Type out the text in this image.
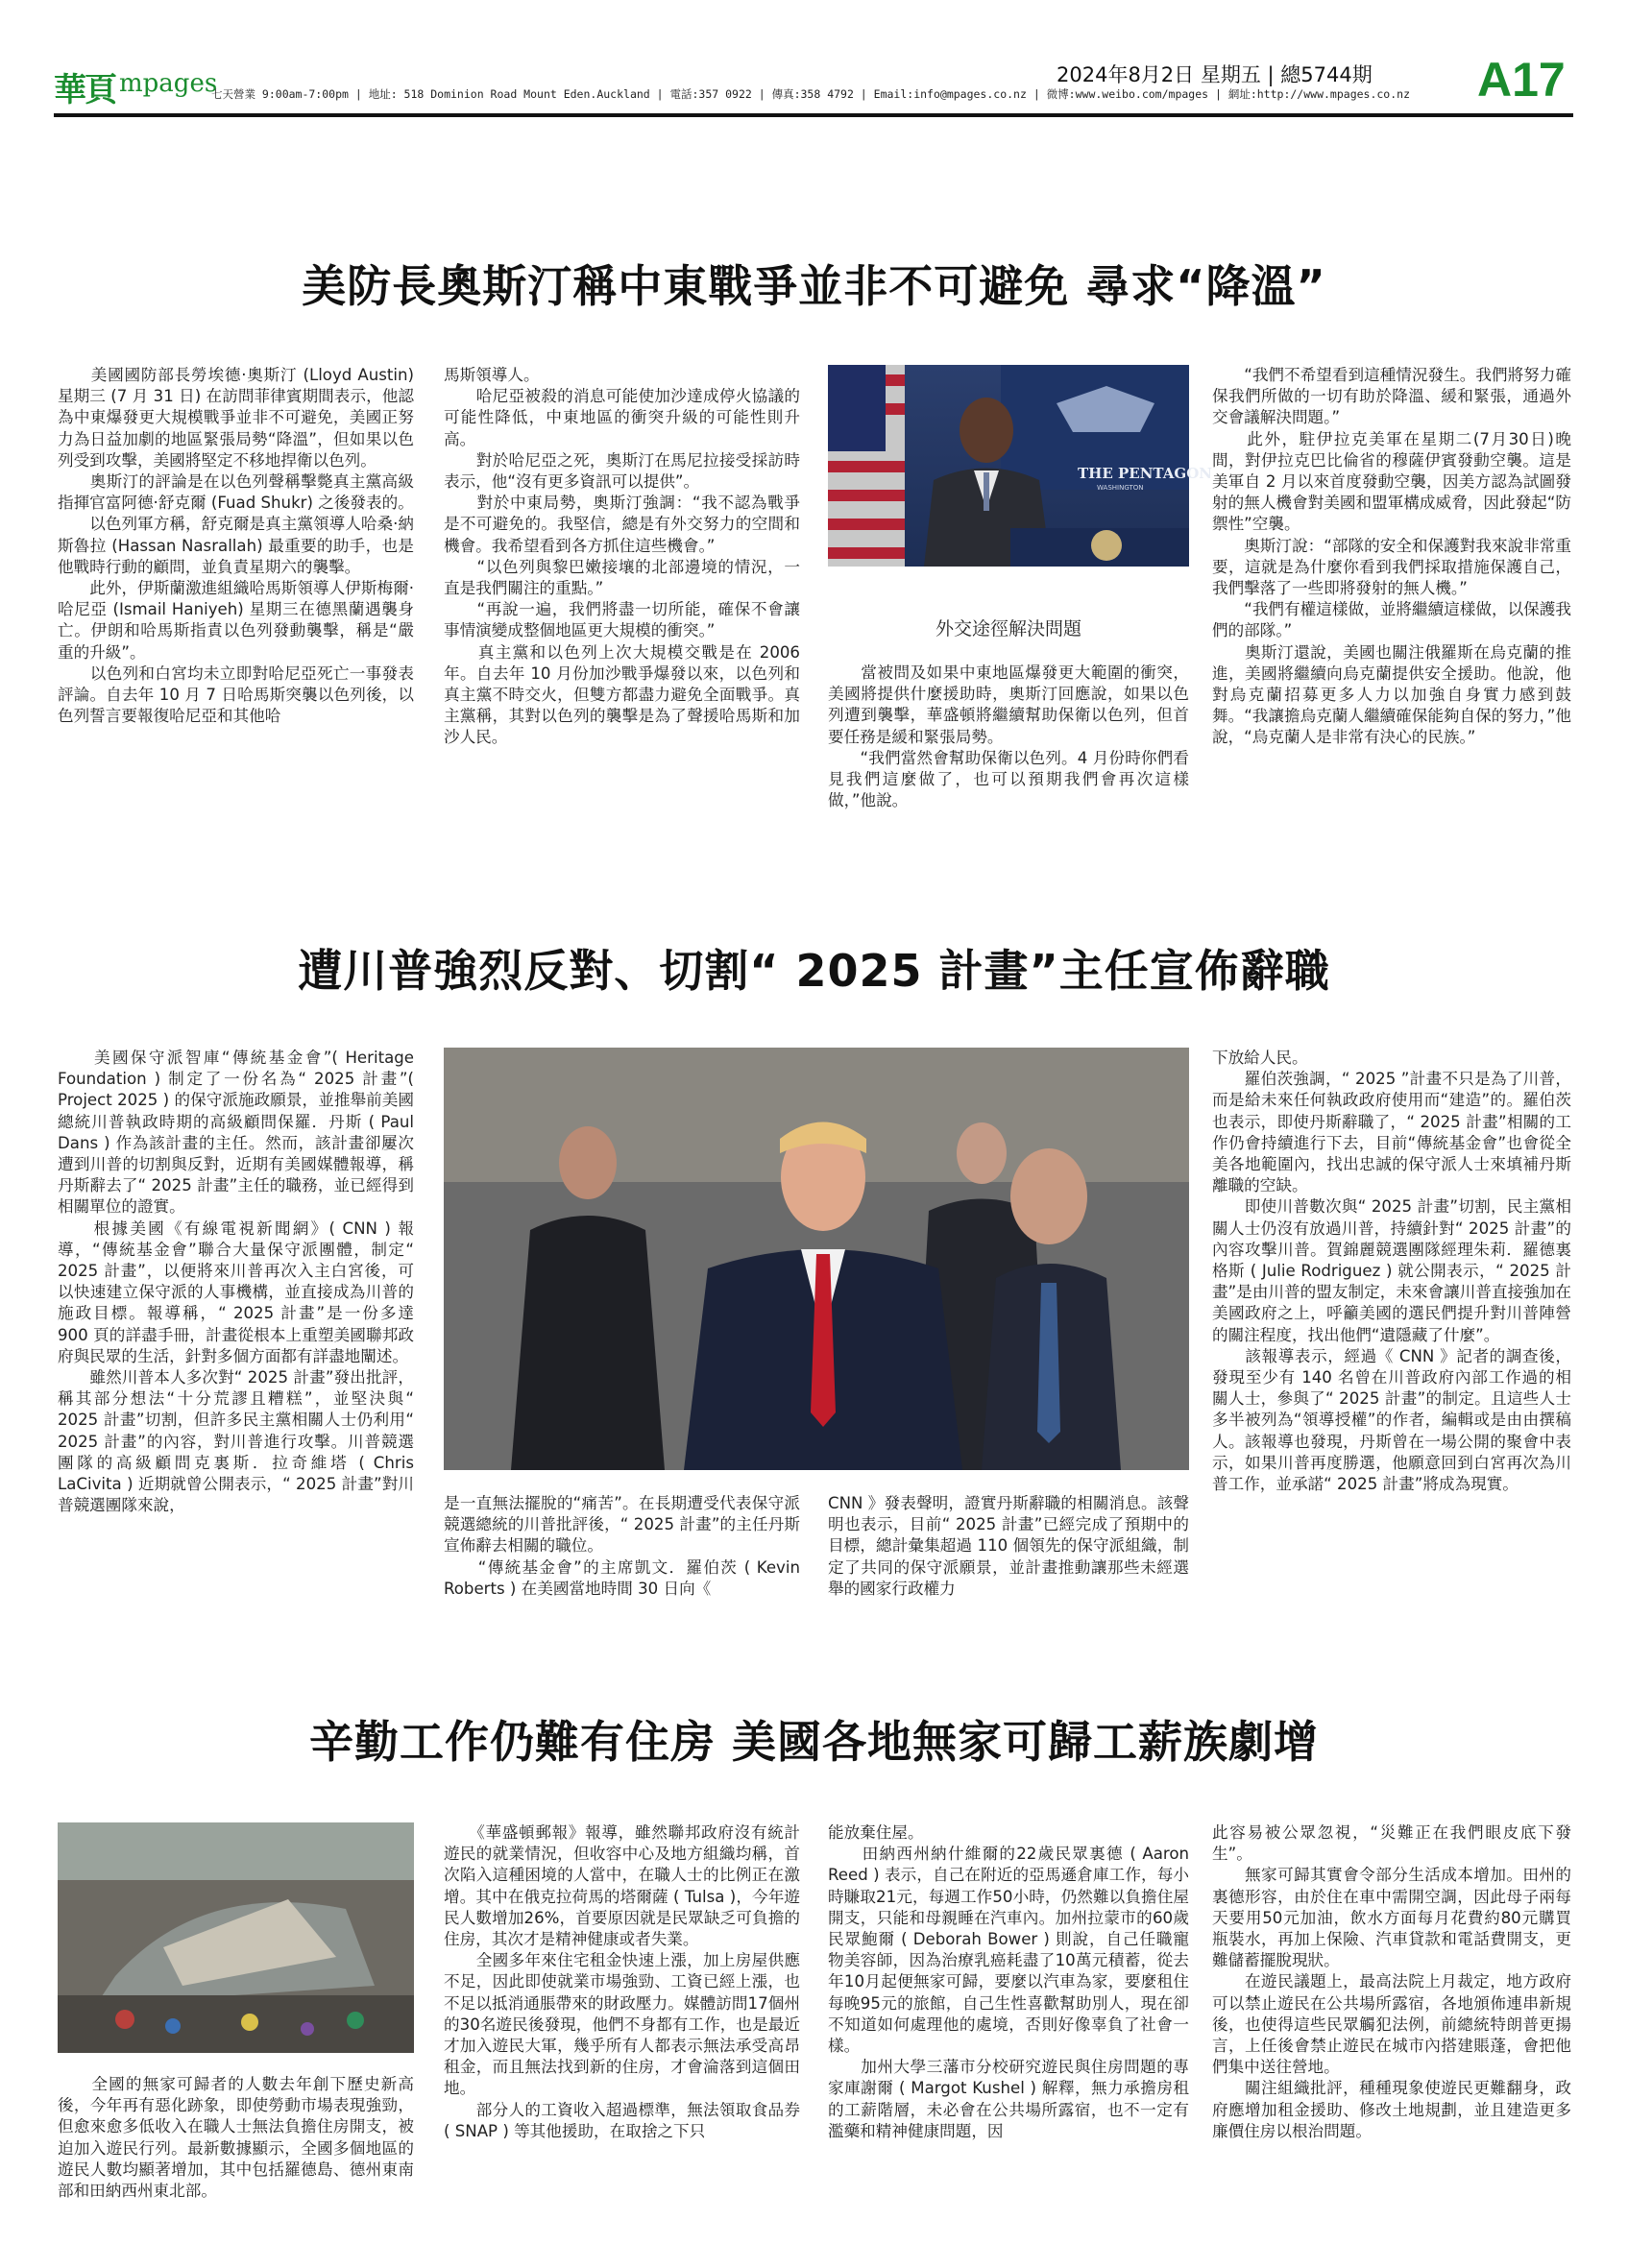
華頁 mpages
七天營業 9:00am-7:00pm | 地址: 518 Dominion Road Mount Eden.Auckland | 電話:357 0922 | 傳真:358 4792 | Email:info@mpages.co.nz | 微博:www.weibo.com/mpages | 網址:http://www.mpages.co.nz
2024年8月2日 星期五 | 總5744期 A17
美防長奧斯汀稱中東戰爭並非不可避免 尋求“降溫”
　　美國國防部長勞埃德·奧斯汀 (Lloyd Austin) 星期三 (7 月 31 日) 在訪問菲律賓期間表示，他認為中東爆發更大規模戰爭並非不可避免，美國正努力為日益加劇的地區緊張局勢“降溫”，但如果以色列受到攻擊，美國將堅定不移地捍衛以色列。
　　奧斯汀的評論是在以色列聲稱擊斃真主黨高級指揮官富阿德·舒克爾 (Fuad Shukr) 之後發表的。
　　以色列軍方稱，舒克爾是真主黨領導人哈桑·納斯魯拉 (Hassan Nasrallah) 最重要的助手，也是他戰時行動的顧問，並負責星期六的襲擊。
　　此外，伊斯蘭激進組織哈馬斯領導人伊斯梅爾·哈尼亞 (Ismail Haniyeh) 星期三在德黑蘭遇襲身亡。伊朗和哈馬斯指責以色列發動襲擊，稱是“嚴重的升級”。
　　以色列和白宮均未立即對哈尼亞死亡一事發表評論。自去年 10 月 7 日哈馬斯突襲以色列後，以色列誓言要報復哈尼亞和其他哈
馬斯領導人。
　　哈尼亞被殺的消息可能使加沙達成停火協議的可能性降低，中東地區的衝突升級的可能性則升高。
　　對於哈尼亞之死，奧斯汀在馬尼拉接受採訪時表示，他“沒有更多資訊可以提供”。
　　對於中東局勢，奧斯汀強調：“我不認為戰爭是不可避免的。我堅信，總是有外交努力的空間和機會。我希望看到各方抓住這些機會。”
　　“以色列與黎巴嫩接壤的北部邊境的情況，一直是我們關注的重點。”
　　“再說一遍，我們將盡一切所能，確保不會讓事情演變成整個地區更大規模的衝突。”
　　真主黨和以色列上次大規模交戰是在 2006 年。自去年 10 月份加沙戰爭爆發以來，以色列和真主黨不時交火，但雙方都盡力避免全面戰爭。真主黨稱，其對以色列的襲擊是為了聲援哈馬斯和加沙人民。
THE PENTAGON
WASHINGTON
外交途徑解決問題
　　當被問及如果中東地區爆發更大範圍的衝突，美國將提供什麼援助時，奧斯汀回應說，如果以色列遭到襲擊，華盛頓將繼續幫助保衛以色列，但首要任務是緩和緊張局勢。
　　“我們當然會幫助保衛以色列。4 月份時你們看見我們這麼做了，也可以預期我們會再次這樣做，”他說。
　　“我們不希望看到這種情況發生。我們將努力確保我們所做的一切有助於降溫、緩和緊張，通過外交會議解決問題。”
　　此外，駐伊拉克美軍在星期二(7月30日)晚間，對伊拉克巴比倫省的穆薩伊賓發動空襲。這是美軍自 2 月以來首度發動空襲，因美方認為試圖發射的無人機會對美國和盟軍構成威脅，因此發起“防禦性”空襲。
　　奧斯汀說：“部隊的安全和保護對我來說非常重要，這就是為什麼你看到我們採取措施保護自己，我們擊落了一些即將發射的無人機。”
　　“我們有權這樣做，並將繼續這樣做，以保護我們的部隊。”
　　奧斯汀還說，美國也關注俄羅斯在烏克蘭的推進，美國將繼續向烏克蘭提供安全援助。他說，他對烏克蘭招募更多人力以加強自身實力感到鼓舞。“我讓擔烏克蘭人繼續確保能夠自保的努力，”他說，“烏克蘭人是非常有決心的民族。”
遭川普強烈反對、切割“ 2025 計畫”主任宣佈辭職
　　美國保守派智庫“傳統基金會”( Heritage Foundation ) 制定了一份名為“ 2025 計畫”( Project 2025 ) 的保守派施政願景，並推舉前美國總統川普執政時期的高級顧問保羅．丹斯 ( Paul Dans ) 作為該計畫的主任。然而，該計畫卻屢次遭到川普的切割與反對，近期有美國媒體報導，稱丹斯辭去了“ 2025 計畫”主任的職務，並已經得到相關單位的證實。
　　根據美國《有線電視新聞網》( CNN ) 報導，“傳統基金會”聯合大量保守派團體，制定“ 2025 計畫”，以便將來川普再次入主白宮後，可以快速建立保守派的人事機構，並直接成為川普的施政目標。報導稱，“ 2025 計畫”是一份多達 900 頁的詳盡手冊，計畫從根本上重塑美國聯邦政府與民眾的生活，針對多個方面都有詳盡地闡述。
　　雖然川普本人多次對“ 2025 計畫”發出批評，稱其部分想法“十分荒謬且糟糕”，並堅決與“ 2025 計畫”切割，但許多民主黨相關人士仍利用“ 2025 計畫”的內容，對川普進行攻擊。川普競選團隊的高級顧問克裏斯．拉奇維塔 ( Chris LaCivita ) 近期就曾公開表示，“ 2025 計畫”對川普競選團隊來說，	是一直無法擺脫的“痛苦”。在長期遭受代表保守派競選總統的川普批評後，“ 2025 計畫”的主任丹斯宣佈辭去相關的職位。
　　“傳統基金會”的主席凱文．羅伯茨 ( Kevin Roberts ) 在美國當地時間 30 日向《
CNN 》發表聲明，證實丹斯辭職的相關消息。該聲明也表示，目前“ 2025 計畫”已經完成了預期中的目標，總計彙集超過 110 個領先的保守派組織，制定了共同的保守派願景，並計畫推動讓那些未經選舉的國家行政權力
下放給人民。
　　羅伯茨強調，“ 2025 ”計畫不只是為了川普，而是給未來任何執政政府使用而“建造”的。羅伯茨也表示，即使丹斯辭職了，“ 2025 計畫”相關的工作仍會持續進行下去，目前“傳統基金會”也會從全美各地範圍內，找出忠誠的保守派人士來填補丹斯離職的空缺。
　　即使川普數次與“ 2025 計畫”切割，民主黨相關人士仍沒有放過川普，持續針對“ 2025 計畫”的內容攻擊川普。賀錦麗競選團隊經理朱莉．羅德裏格斯 ( Julie Rodriguez ) 就公開表示，“ 2025 計畫”是由川普的盟友制定，未來會讓川普直接強加在美國政府之上，呼籲美國的選民們提升對川普陣營的關注程度，找出他們“遺隱藏了什麼”。
　　該報導表示，經過《 CNN 》記者的調查後，發現至少有 140 名曾在川普政府內部工作過的相關人士，參與了“ 2025 計畫”的制定。且這些人士多半被列為“領導授權”的作者，編輯或是由由撰稿人。該報導也發現，丹斯曾在一場公開的聚會中表示，如果川普再度勝選，他願意回到白宮再次為川普工作，並承諾“ 2025 計畫”將成為現實。
辛勤工作仍難有住房 美國各地無家可歸工薪族劇增
　　全國的無家可歸者的人數去年創下歷史新高後，今年再有惡化跡象，即使勞動市場表現強勁，但愈來愈多低收入在職人士無法負擔住房開支，被迫加入遊民行列。最新數據顯示，全國多個地區的遊民人數均顯著增加，其中包括羅德島、德州東南部和田納西州東北部。
　　《華盛頓郵報》報導，雖然聯邦政府沒有統計遊民的就業情況，但收容中心及地方組織均稱，首次陷入這種困境的人當中，在職人士的比例正在激增。其中在俄克拉荷馬的塔爾薩 ( Tulsa )，今年遊民人數增加26%，首要原因就是民眾缺乏可負擔的住房，其次才是精神健康或者失業。
　　全國多年來住宅租金快速上漲，加上房屋供應不足，因此即使就業市場強勁、工資已經上漲，也不足以抵消通脹帶來的財政壓力。媒體訪問17個州的30名遊民後發現，他們不身都有工作，也是最近才加入遊民大軍，幾乎所有人都表示無法承受高昂租金，而且無法找到新的住房，才會淪落到這個田地。
　　部分人的工資收入超過標準，無法領取食品券 ( SNAP ) 等其他援助，在取捨之下只
能放棄住屋。
　　田納西州納什維爾的22歲民眾裏德 ( Aaron Reed ) 表示，自己在附近的亞馬遜倉庫工作，每小時賺取21元，每週工作50小時，仍然難以負擔住屋開支，只能和母親睡在汽車內。加州拉蒙市的60歲民眾鮑爾 ( Deborah Bower ) 則說，自己任職寵物美容師，因為治療乳癌耗盡了10萬元積蓄，從去年10月起便無家可歸，要麼以汽車為家，要麼租住每晚95元的旅館，自己生性喜歡幫助別人，現在卻不知道如何處理他的處境，否則好像辜負了社會一樣。
　　加州大學三藩市分校研究遊民與住房問題的專家庫謝爾 ( Margot Kushel ) 解釋，無力承擔房租的工薪階層，未必會在公共場所露宿，也不一定有濫藥和精神健康問題，因
此容易被公眾忽視，“災難正在我們眼皮底下發生”。
　　無家可歸其實會令部分生活成本增加。田州的裏德形容，由於住在車中需開空調，因此母子兩每天要用50元加油，飲水方面每月花費約80元購買瓶裝水，再加上保險、汽車貸款和電話費開支，更難儲蓄擺脫現狀。
　　在遊民議題上，最高法院上月裁定，地方政府可以禁止遊民在公共場所露宿，各地頒佈連串新規後，也使得這些民眾觸犯法例，前總統特朗普更揚言，上任後會禁止遊民在城市內搭建賬蓬，會把他們集中送往營地。
　　關注組織批評，種種現象使遊民更難翻身，政府應增加租金援助、修改土地規劃，並且建造更多廉價住房以根治問題。
